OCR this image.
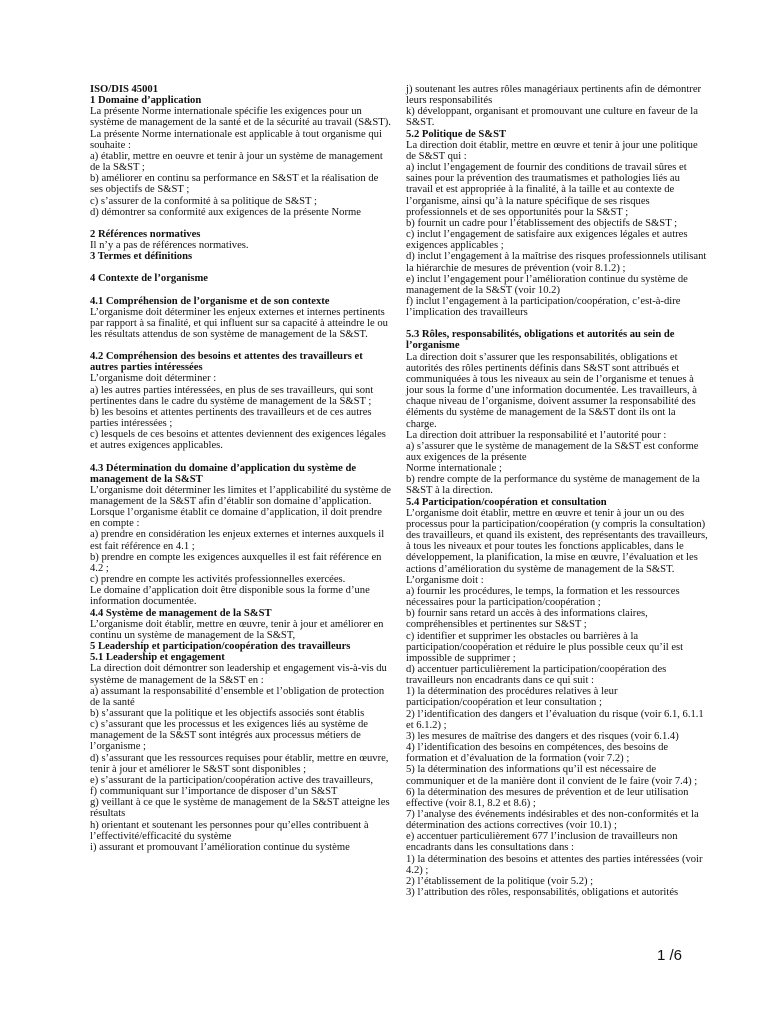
ISO/DIS 45001

1 Domaine d’application

La présente Norme internationale spécifie les exigences pour un système de management de la santé et de la sécurité au travail (S&ST).

La présente Norme internationale est applicable à tout organisme qui souhaite :

a) établir, mettre en oeuvre et tenir à jour un système de management de la S&ST ;

b) améliorer en continu sa performance en S&ST et la réalisation de ses objectifs de S&ST ;

c) s’assurer de la conformité à sa politique de S&ST ;

d) démontrer sa conformité aux exigences de la présente Norme

2 Références normatives

Il n’y a pas de références normatives.

3 Termes et définitions

4 Contexte de l’organisme

4.1 Compréhension de l’organisme et de son contexte

L’organisme doit déterminer les enjeux externes et internes pertinents par rapport à sa finalité, et qui influent sur sa capacité à atteindre le ou les résultats attendus de son système de management de la S&ST.

4.2 Compréhension des besoins et attentes des travailleurs et autres parties intéressées

L’organisme doit déterminer :

a) les autres parties intéressées, en plus de ses travailleurs, qui sont pertinentes dans le cadre du système de management de la S&ST ;

b) les besoins et attentes pertinents des travailleurs et de ces autres parties intéressées ;

c) lesquels de ces besoins et attentes deviennent des exigences légales et autres exigences applicables.

4.3 Détermination du domaine d’application du système de management de la S&ST

L’organisme doit déterminer les limites et l’applicabilité du système de management de la S&ST afin d’établir son domaine d’application.

Lorsque l’organisme établit ce domaine d’application, il doit prendre en compte :

a) prendre en considération les enjeux externes et internes auxquels il est fait référence en 4.1 ;

b) prendre en compte les exigences auxquelles il est fait référence en 4.2 ;

c) prendre en compte les activités professionnelles exercées.

Le domaine d’application doit être disponible sous la forme d’une information documentée.

4.4 Système de management de la S&ST

L’organisme doit établir, mettre en œuvre, tenir à jour et améliorer en continu un système de management de la S&ST,

5 Leadership et participation/coopération des travailleurs

5.1 Leadership et engagement

La direction doit démontrer son leadership et engagement vis-à-vis du système de management de la S&ST en :

a) assumant la responsabilité d’ensemble et l’obligation de protection de la santé

b) s’assurant que la politique et les objectifs associés sont établis

c) s’assurant que les processus et les exigences liés au système de management de la S&ST sont intégrés aux processus métiers de l’organisme ;

d) s’assurant que les ressources requises pour établir, mettre en œuvre, tenir à jour et améliorer le S&ST sont disponibles ;

e) s’assurant de la participation/coopération active des travailleurs,

f) communiquant sur l’importance de disposer d’un S&ST

g) veillant à ce que le système de management de la S&ST atteigne les résultats

h) orientant et soutenant les personnes pour qu’elles contribuent à l’effectivité/efficacité du système

i) assurant et promouvant l’amélioration continue du système

j) soutenant les autres rôles managériaux pertinents afin de démontrer leurs responsabilités

k) développant, organisant et promouvant une culture en faveur de la S&ST.

5.2 Politique de S&ST

La direction doit établir, mettre en œuvre et tenir à jour une politique de S&ST qui :

a) inclut l’engagement de fournir des conditions de travail sûres et saines pour la prévention des traumatismes et pathologies liés au travail et est appropriée à la finalité, à la taille et au contexte de l’organisme, ainsi qu’à la nature spécifique de ses risques professionnels et de ses opportunités pour la S&ST ;

b) fournit un cadre pour l’établissement des objectifs de S&ST ;

c) inclut l’engagement de satisfaire aux exigences légales et autres exigences applicables ;

d) inclut l’engagement à la maîtrise des risques professionnels utilisant la hiérarchie de mesures de prévention (voir 8.1.2) ;

e) inclut l’engagement pour l’amélioration continue du système de management de la S&ST (voir 10.2)

f) inclut l’engagement à la participation/coopération, c’est-à-dire l’implication des travailleurs

5.3 Rôles, responsabilités, obligations et autorités au sein de l’organisme

La direction doit s’assurer que les responsabilités, obligations et autorités des rôles pertinents définis dans S&ST sont attribués et communiquées à tous les niveaux au sein de l’organisme et tenues à jour sous la forme d’une information documentée. Les travailleurs, à chaque niveau de l’organisme, doivent assumer la responsabilité des éléments du système de management de la S&ST dont ils ont la charge.

La direction doit attribuer la responsabilité et l’autorité pour :

a) s’assurer que le système de management de la S&ST est conforme aux exigences de la présente

Norme internationale ;

b) rendre compte de la performance du système de management de la S&ST à la direction.

5.4 Participation/coopération et consultation

L’organisme doit établir, mettre en œuvre et tenir à jour un ou des processus pour la participation/coopération (y compris la consultation) des travailleurs, et quand ils existent, des représentants des travailleurs, à tous les niveaux et pour toutes les fonctions applicables, dans le développement, la planification, la mise en œuvre, l’évaluation et les actions d’amélioration du système de management de la S&ST.

L’organisme doit :

a) fournir les procédures, le temps, la formation et les ressources nécessaires pour la participation/coopération ;

b) fournir sans retard un accès à des informations claires, compréhensibles et pertinentes sur S&ST ;

c) identifier et supprimer les obstacles ou barrières à la participation/coopération et réduire le plus possible ceux qu’il est impossible de supprimer ;

d) accentuer particulièrement la participation/coopération des travailleurs non encadrants dans ce qui suit :

1) la détermination des procédures relatives à leur participation/coopération et leur consultation ;

2) l’identification des dangers et l’évaluation du risque (voir 6.1, 6.1.1 et 6.1.2) ;

3) les mesures de maîtrise des dangers et des risques (voir 6.1.4)

4) l’identification des besoins en compétences, des besoins de formation et d’évaluation de la formation (voir 7.2) ;

5) la détermination des informations qu’il est nécessaire de communiquer et de la manière dont il convient de le faire (voir 7.4) ;

6) la détermination des mesures de prévention et de leur utilisation effective (voir 8.1, 8.2 et 8.6) ;

7) l’analyse des événements indésirables et des non-conformités et la détermination des actions correctives (voir 10.1) ;

e) accentuer particulièrement 677 l’inclusion de travailleurs non encadrants dans les consultations dans :

1) la détermination des besoins et attentes des parties intéressées (voir 4.2) ;

2) l’établissement de la politique (voir 5.2) ;

3) l’attribution des rôles, responsabilités, obligations et autorités

1 /6
